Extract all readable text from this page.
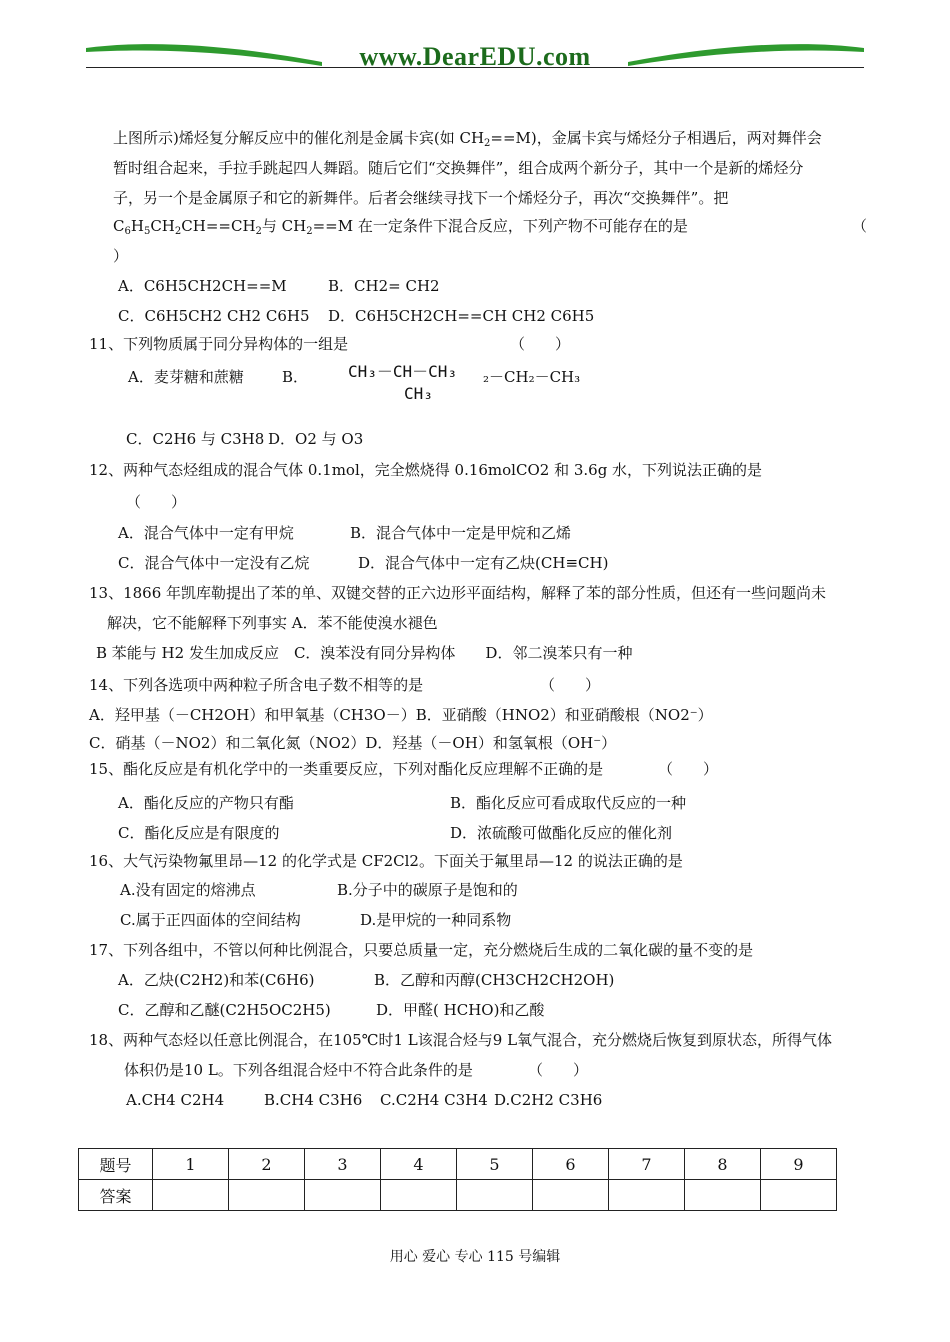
www.DearEDU.com
上图所示)烯烃复分解反应中的催化剂是金属卡宾(如 $CH_2==M$)，金属卡宾与烯烃分子相遇后，两对舞伴会
暂时组合起来，手拉手跳起四人舞蹈。随后它们“交换舞伴”，组合成两个新分子，其中一个是新的烯烃分
子，另一个是金属原子和它的新舞伴。后者会继续寻找下一个烯烃分子，再次“交换舞伴”。把
$C_6H_5CH_2CH==CH_2$与 $CH_2==M$ 在一定条件下混合反应，下列产物不可能存在的是	（
）
A．C6H5CH2CH==M	B．CH2= CH2
C．C6H5CH2 CH2 C6H5 D．C6H5CH2CH==CH CH2 C6H5
11、下列物质属于同分异构体的一组是	（　　）
A．麦芽糖和蔗糖	B． CH₃－CH－CH₃
CH₃
₂－CH₂－CH₃
C．C2H6 与 C3H8 D．O2 与 O3
12、两种气态烃组成的混合气体 0.1mol，完全燃烧得 0.16molCO2 和 3.6g 水，下列说法正确的是
（　　）
A．混合气体中一定有甲烷	B．混合气体中一定是甲烷和乙烯
C．混合气体中一定没有乙烷	D．混合气体中一定有乙炔(CH≡CH)
13、1866 年凯库勒提出了苯的单、双键交替的正六边形平面结构，解释了苯的部分性质，但还有一些问题尚未
解决，它不能解释下列事实 A．苯不能使溴水褪色
B 苯能与 H2 发生加成反应　C．溴苯没有同分异构体　　D．邻二溴苯只有一种
14、下列各选项中两种粒子所含电子数不相等的是	（　　）
A．羟甲基（－CH2OH）和甲氧基（CH3O－）B．亚硝酸（HNO2）和亚硝酸根（NO2⁻）
C．硝基（－NO2）和二氧化氮（NO2）D．羟基（－OH）和氢氧根（OH⁻）
15、酯化反应是有机化学中的一类重要反应，下列对酯化反应理解不正确的是	（　　）
A．酯化反应的产物只有酯	B．酯化反应可看成取代反应的一种
C．酯化反应是有限度的	D．浓硫酸可做酯化反应的催化剂
16、大气污染物氟里昂—12 的化学式是 CF2Cl2。下面关于氟里昂—12 的说法正确的是
A.没有固定的熔沸点	B.分子中的碳原子是饱和的
C.属于正四面体的空间结构	D.是甲烷的一种同系物
17、下列各组中，不管以何种比例混合，只要总质量一定，充分燃烧后生成的二氧化碳的量不变的是
A．乙炔(C2H2)和苯(C6H6)	B．乙醇和丙醇(CH3CH2CH2OH)
C．乙醇和乙醚(C2H5OC2H5)	D．甲醛( HCHO)和乙酸
18、两种气态烃以任意比例混合，在105℃时1 L该混合烃与9 L氧气混合，充分燃烧后恢复到原状态，所得气体
体积仍是10 L。下列各组混合烃中不符合此条件的是	（　　）
A.CH4 C2H4	B.CH4 C3H6 C.C2H4 C3H4 D.C2H2 C3H6
题号	1	2	3	4	5	6	7	8	9
答案									
用心 爱心 专心 115 号编辑
